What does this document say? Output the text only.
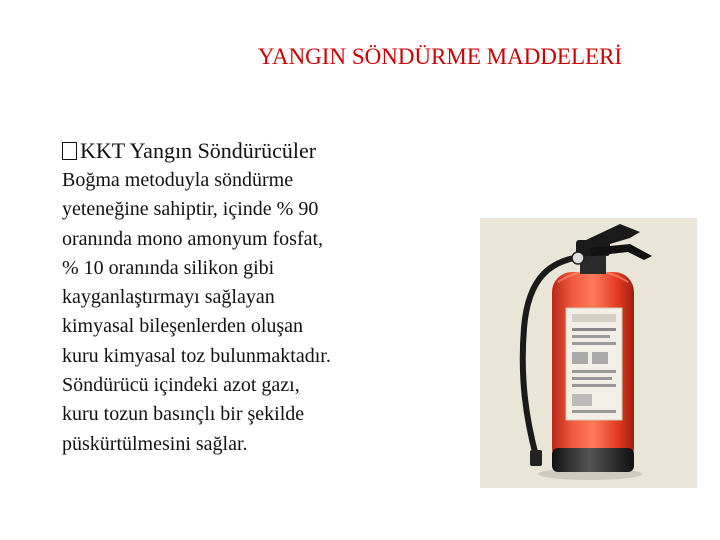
YANGIN SÖNDÜRME MADDELERİ
KKT Yangın Söndürücüler
Boğma metoduyla söndürme
yeteneğine sahiptir, içinde % 90
oranında mono amonyum fosfat,
% 10 oranında silikon gibi
kayganlaştırmayı sağlayan
kimyasal bileşenlerden oluşan
kuru kimyasal toz bulunmaktadır.
Söndürücü içindeki azot gazı,
kuru tozun basınçlı bir şekilde
püskürtülmesini sağlar.
